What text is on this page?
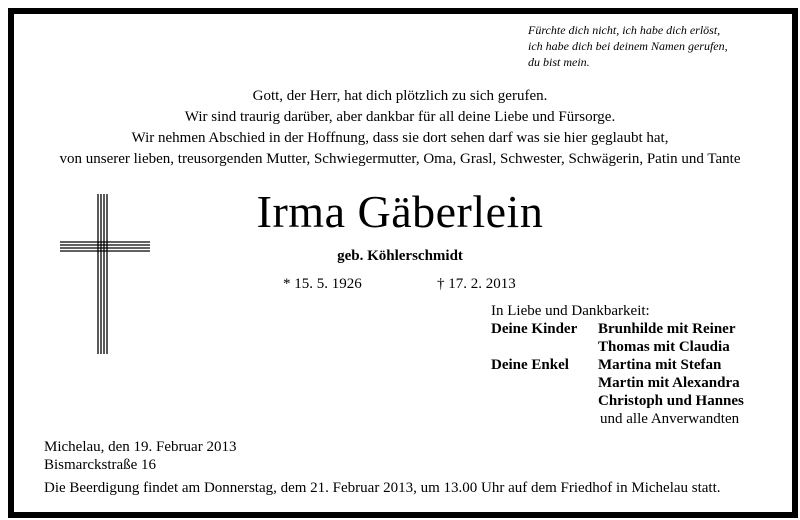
Fürchte dich nicht, ich habe dich erlöst,
ich habe dich bei deinem Namen gerufen,
du bist mein.
Gott, der Herr, hat dich plötzlich zu sich gerufen.
Wir sind traurig darüber, aber dankbar für all deine Liebe und Fürsorge.
Wir nehmen Abschied in der Hoffnung, dass sie dort sehen darf was sie hier geglaubt hat,
von unserer lieben, treusorgenden Mutter, Schwiegermutter, Oma, Grasl, Schwester, Schwägerin, Patin und Tante
Irma Gäberlein
geb. Köhlerschmidt
* 15. 5. 1926	† 17. 2. 2013
In Liebe und Dankbarkeit:
Deine Kinder	Brunhilde mit Reiner
Thomas mit Claudia
Deine Enkel	Martina mit Stefan
Martin mit Alexandra
Christoph und Hannes
und alle Anverwandten
Michelau, den 19. Februar 2013
Bismarckstraße 16
Die Beerdigung findet am Donnerstag, dem 21. Februar 2013, um 13.00 Uhr auf dem Friedhof in Michelau statt.
